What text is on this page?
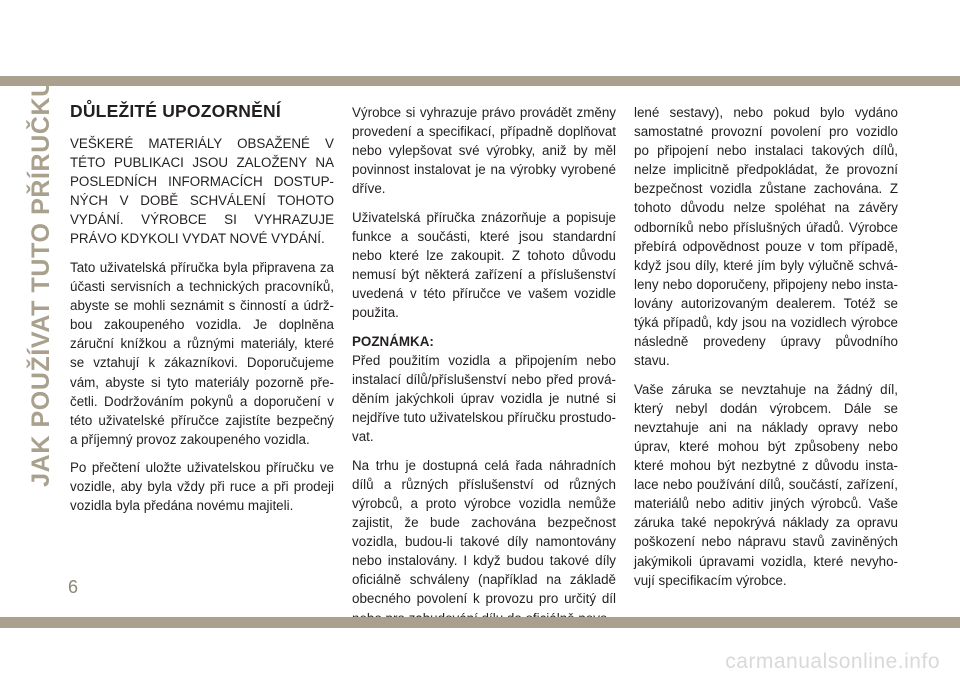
JAK POUŽÍVAT TUTO PŘÍRUČKU DŮLEŽITÉ UPOZORNĚNÍ

VEŠKERÉ MATERIÁLY OBSAŽENÉ V TÉTO PUBLIKACI JSOU ZALOŽENY NA POSLEDNÍCH INFORMACÍCH DOSTUPNÝCH V DOBĚ SCHVÁLENÍ TOHOTO VYDÁNÍ. VÝROBCE SI VYHRAZUJE PRÁVO KDYKOLI VYDAT NOVÉ VYDÁNÍ.

Tato uživatelská příručka byla připravena za účasti servisních a technických pracovníků, abyste se mohli seznámit s činností a údržbou zakoupeného vozidla. Je doplněna záruční knížkou a různými materiály, které se vztahují k zákazníkovi. Doporučujeme vám, abyste si tyto materiály pozorně přečetli. Dodržováním pokynů a doporučení v této uživatelské příručce zajistíte bezpečný a příjemný provoz zakoupeného vozidla.

Po přečtení uložte uživatelskou příručku ve vozidle, aby byla vždy při ruce a při prodeji vozidla byla předána novému majiteli.

Výrobce si vyhrazuje právo provádět změny provedení a specifikací, případně doplňovat nebo vylepšovat své výrobky, aniž by měl povinnost instalovat je na výrobky vyrobené dříve.

Uživatelská příručka znázorňuje a popisuje funkce a součásti, které jsou standardní nebo které lze zakoupit. Z tohoto důvodu nemusí být některá zařízení a příslušenství uvedená v této příručce ve vašem vozidle použita.

POZNÁMKA:
Před použitím vozidla a připojením nebo instalací dílů/příslušenství nebo před prováděním jakýchkoli úprav vozidla je nutné si nejdříve tuto uživatelskou příručku prostudovat.

Na trhu je dostupná celá řada náhradních dílů a různých příslušenství od různých výrobců, a proto výrobce vozidla nemůže zajistit, že bude zachována bezpečnost vozidla, budou-li takové díly namontovány nebo instalovány. I když budou takové díly oficiálně schváleny (například na základě obecného povolení k provozu pro určitý díl

lené sestavy), nebo pokud bylo vydáno samostatné provozní povolení pro vozidlo po připojení nebo instalaci takových dílů, nelze implicitně předpokládat, že provozní bezpečnost vozidla zůstane zachována. Z tohoto důvodu nelze spoléhat na závěry odborníků nebo příslušných úřadů. Výrobce přebírá odpovědnost pouze v tom případě, když jsou díly, které jím byly výlučně schváleny nebo doporučeny, připojeny nebo instalovány autorizovaným dealerem. Totéž se týká případů, kdy jsou na vozidlech výrobce následně provedeny úpravy původního stavu.

Vaše záruka se nevztahuje na žádný díl, který nebyl dodán výrobcem. Dále se nevztahuje ani na náklady opravy nebo úprav, které mohou být způsobeny nebo které mohou být nezbytné z důvodu instalace nebo používání dílů, součástí, zařízení, materiálů nebo aditiv jiných výrobců. Vaše záruka také nepokrývá náklady za opravu poškození nebo nápravu stavů zaviněných jakýmikoli úpravami vozidla, které nevyhovují specifikacím výrobce.

6
carmanualsonline.info
